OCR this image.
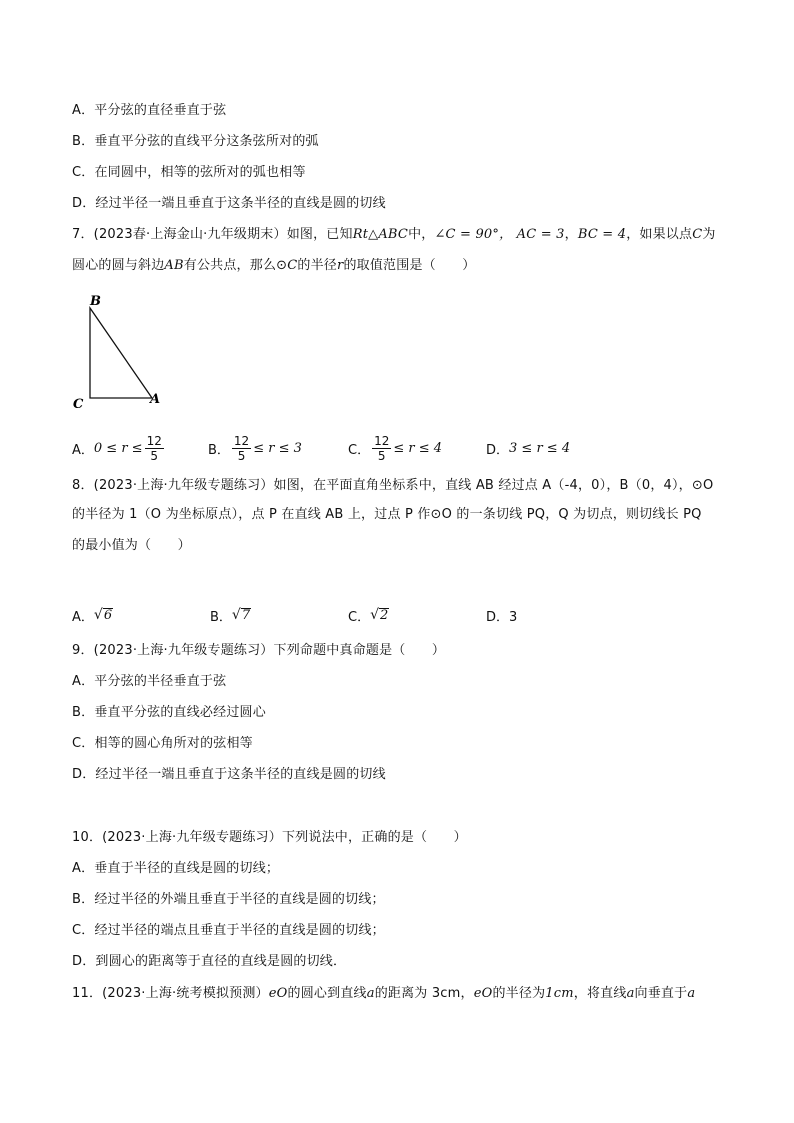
A．平分弦的直径垂直于弦
B．垂直平分弦的直线平分这条弦所对的弧
C．在同圆中，相等的弦所对的弧也相等
D．经过半径一端且垂直于这条半径的直线是圆的切线
7．(2023春·上海金山·九年级期末）如图，已知Rt△ABC中，∠C = 90°， AC = 3，BC = 4，如果以点C为
圆心的圆与斜边AB有公共点，那么⊙C的半径r的取值范围是（　　）
B
C	A
A． $0 \le r \le \frac{12}{5}$	B． $\frac{12}{5} \le r \le 3$	C． $\frac{12}{5} \le r \le 4$	D． 3 ≤ r ≤ 4
8．(2023·上海·九年级专题练习）如图，在平面直角坐标系中，直线 AB 经过点 A（-4，0），B（0，4），⊙O
的半径为 1（O 为坐标原点），点 P 在直线 AB 上，过点 P 作⊙O 的一条切线 PQ，Q 为切点，则切线长 PQ
的最小值为（　　）
A． √ 6	B． √ 7	C． √ 2	D．3
9．(2023·上海·九年级专题练习）下列命题中真命题是（　　）
A．平分弦的半径垂直于弦
B．垂直平分弦的直线必经过圆心
C．相等的圆心角所对的弦相等
D．经过半径一端且垂直于这条半径的直线是圆的切线
10．(2023·上海·九年级专题练习）下列说法中，正确的是（　　）
A．垂直于半径的直线是圆的切线；
B．经过半径的外端且垂直于半径的直线是圆的切线；
C．经过半径的端点且垂直于半径的直线是圆的切线；
D．到圆心的距离等于直径的直线是圆的切线．
11．(2023·上海·统考模拟预测）eO的圆心到直线a的距离为 3cm，eO的半径为1cm，将直线a向垂直于a
